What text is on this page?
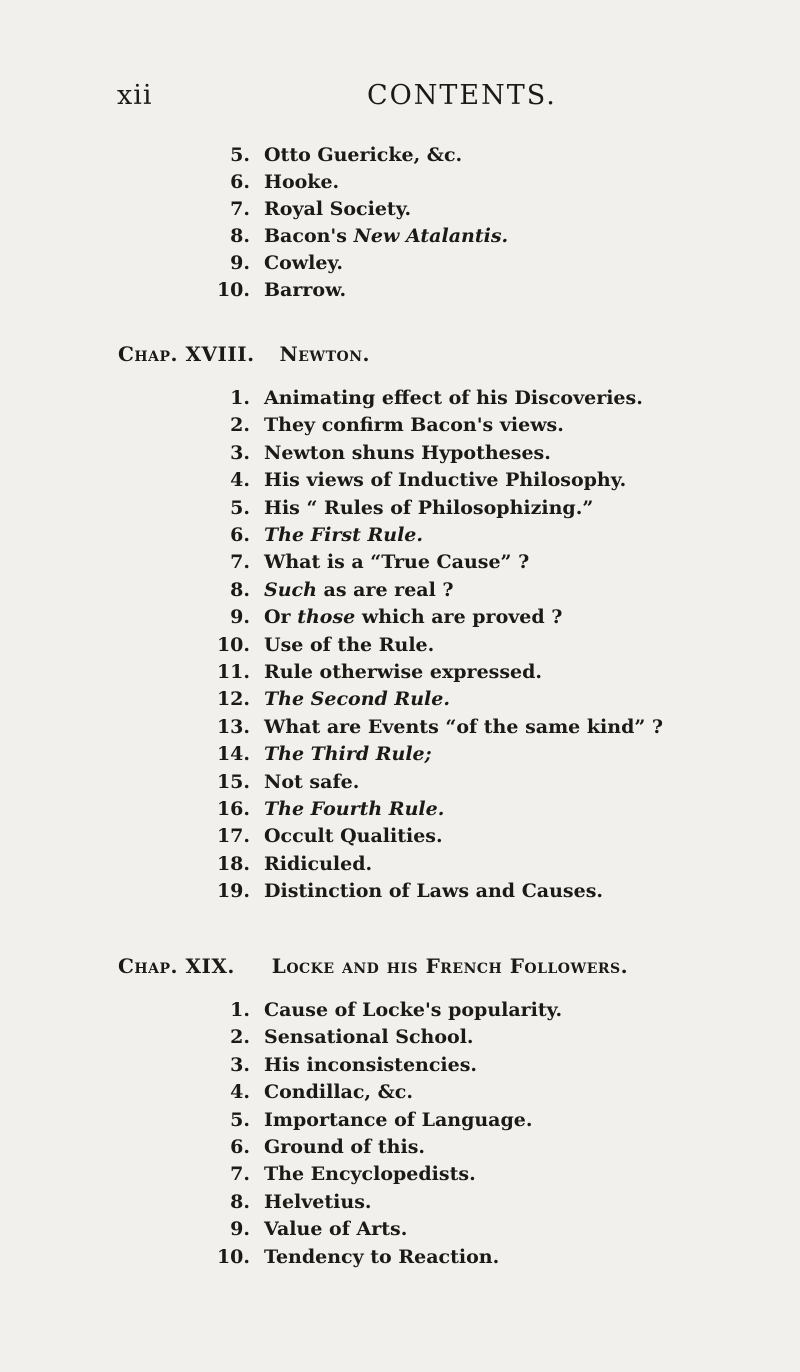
xii	CONTENTS.
5. Otto Guericke, &c.
6. Hooke.
7. Royal Society.
8. Bacon's New Atalantis.
9. Cowley.
10. Barrow.
Chap. XVIII. Newton.
1. Animating effect of his Discoveries.
2. They confirm Bacon's views.
3. Newton shuns Hypotheses.
4. His views of Inductive Philosophy.
5. His “ Rules of Philosophizing.”
6. The First Rule.
7. What is a “True Cause” ?
8. Such as are real ?
9. Or those which are proved ?
10. Use of the Rule.
11. Rule otherwise expressed.
12. The Second Rule.
13. What are Events “of the same kind” ?
14. The Third Rule;
15. Not safe.
16. The Fourth Rule.
17. Occult Qualities.
18. Ridiculed.
19. Distinction of Laws and Causes.
Chap. XIX. Locke and his French Followers.
1. Cause of Locke's popularity.
2. Sensational School.
3. His inconsistencies.
4. Condillac, &c.
5. Importance of Language.
6. Ground of this.
7. The Encyclopedists.
8. Helvetius.
9. Value of Arts.
10. Tendency to Reaction.
